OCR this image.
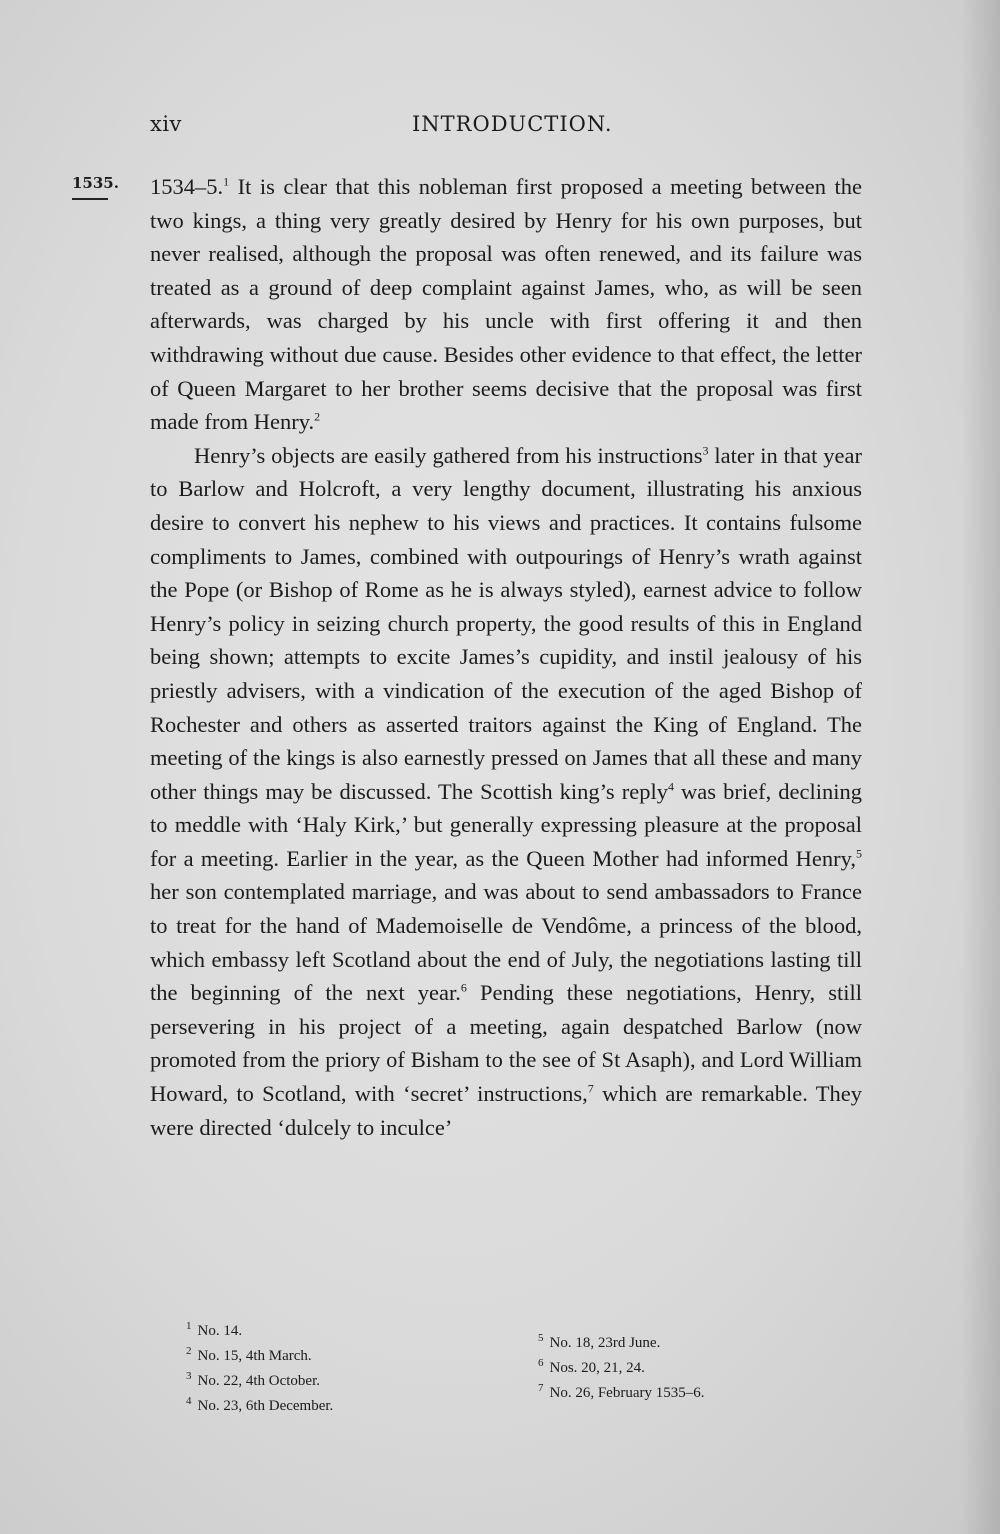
xiv	INTRODUCTION.
1535. 1534–5.$^1$ It is clear that this nobleman first proposed a meeting between the two kings, a thing very greatly desired by Henry for his own purposes, but never realised, although the proposal was often renewed, and its failure was treated as a ground of deep complaint against James, who, as will be seen afterwards, was charged by his uncle with first offering it and then withdrawing without due cause. Besides other evidence to that effect, the letter of Queen Margaret to her brother seems decisive that the proposal was first made from Henry.$^2$

Henry’s objects are easily gathered from his instructions$^3$ later in that year to Barlow and Holcroft, a very lengthy document, illustrating his anxious desire to convert his nephew to his views and practices. It contains fulsome compliments to James, combined with outpourings of Henry’s wrath against the Pope (or Bishop of Rome as he is always styled), earnest advice to follow Henry’s policy in seizing church property, the good results of this in England being shown; attempts to excite James’s cupidity, and instil jealousy of his priestly advisers, with a vindication of the execution of the aged Bishop of Rochester and others as asserted traitors against the King of England. The meeting of the kings is also earnestly pressed on James that all these and many other things may be discussed. The Scottish king’s reply$^4$ was brief, declining to meddle with ‘Haly Kirk,’ but generally expressing pleasure at the proposal for a meeting. Earlier in the year, as the Queen Mother had informed Henry,$^5$ her son contemplated marriage, and was about to send ambassadors to France to treat for the hand of Mademoiselle de Vendôme, a princess of the blood, which embassy left Scotland about the end of July, the negotiations lasting till the beginning of the next year.$^6$ Pending these negotiations, Henry, still persevering in his project of a meeting, again despatched Barlow (now promoted from the priory of Bisham to the see of St Asaph), and Lord William Howard, to Scotland, with ‘secret’ instructions,$^7$ which are remarkable. They were directed ‘dulcely to inculce’

$^1$ No. 14.
$^2$ No. 15, 4th March.
$^3$ No. 22, 4th October.
$^4$ No. 23, 6th December.
$^5$ No. 18, 23rd June.
$^6$ Nos. 20, 21, 24.
$^7$ No. 26, February 1535–6.
